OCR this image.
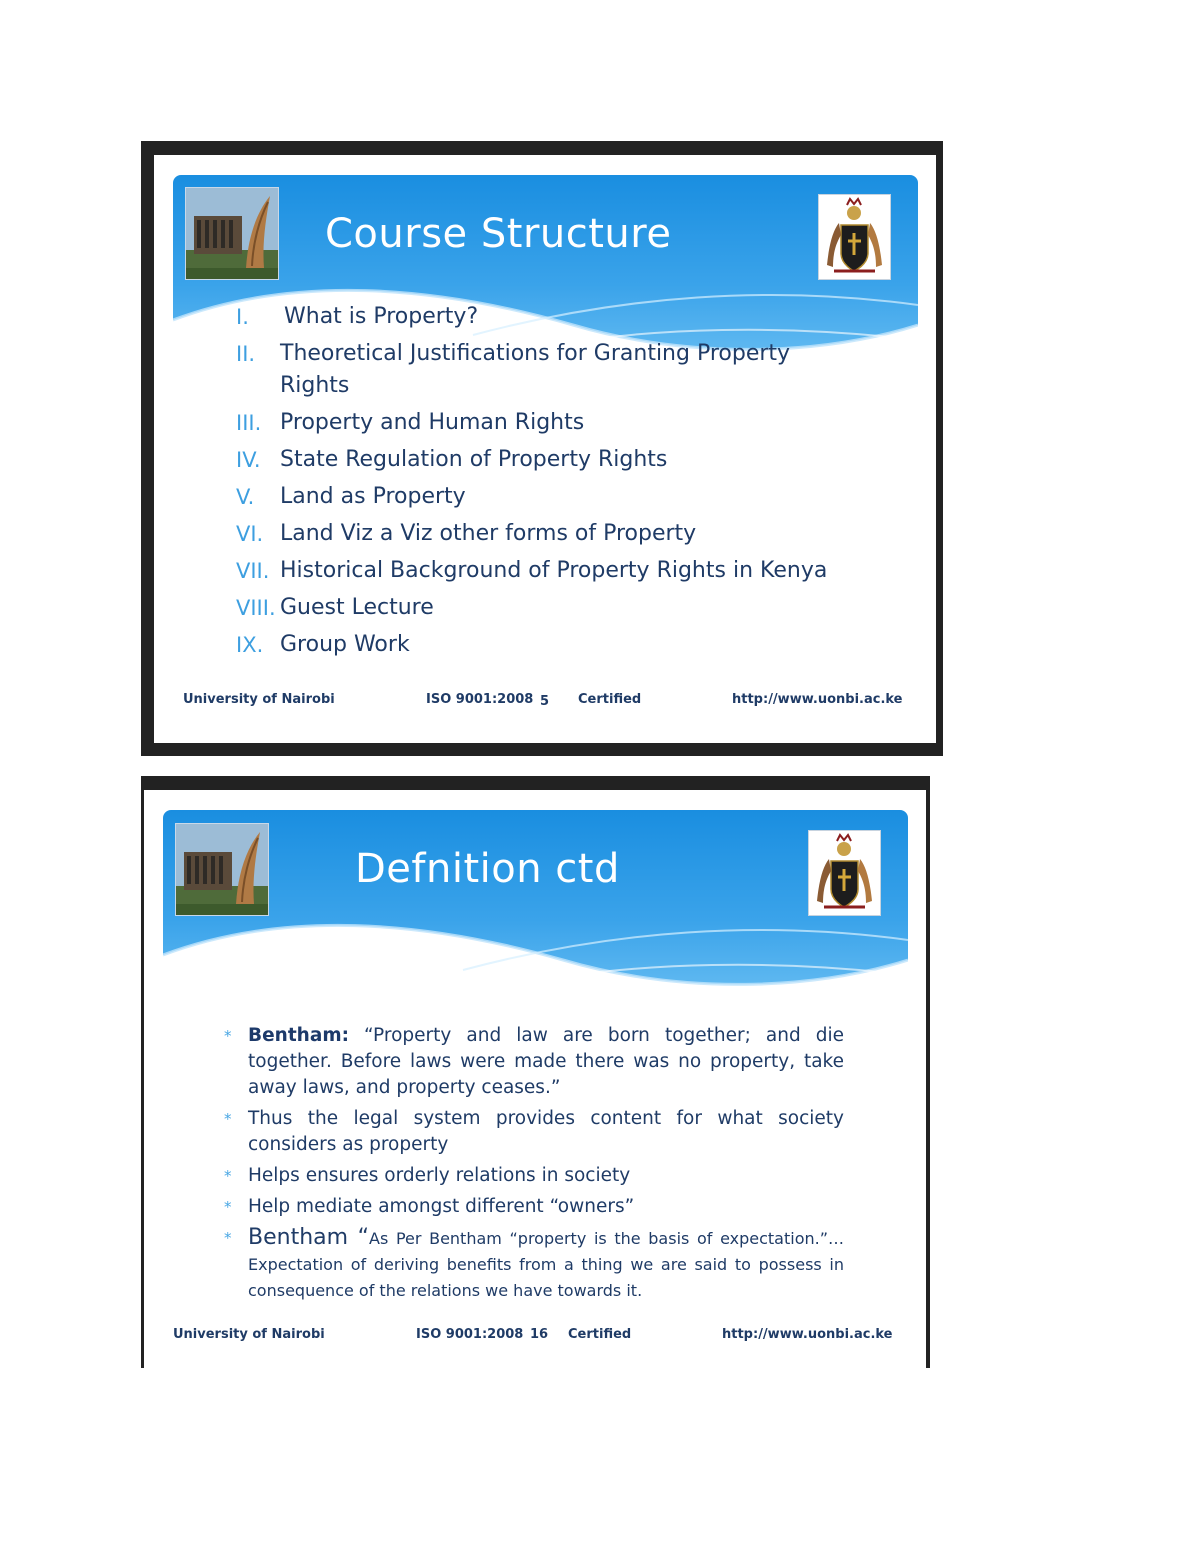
Course Structure
I. What is Property?
II. Theoretical Justifications for Granting Property Rights
III. Property and Human Rights
IV. State Regulation of Property Rights
V. Land as Property
VI. Land Viz a Viz other forms of Property
VII. Historical Background of Property Rights in Kenya
VIII. Guest Lecture
IX. Group Work
University of Nairobi	ISO 9001:2008 5 Certified	http://www.uonbi.ac.ke
Defnition ctd
* Bentham: “Property and law are born together; and die together. Before laws were made there was no property, take away laws, and property ceases.”
* Thus the legal system provides content for what society considers as property
* Helps ensures orderly relations in society
* Help mediate amongst different “owners”
* Bentham “As Per Bentham “property is the basis of expectation.”… Expectation of deriving benefits from a thing we are said to possess in consequence of the relations we have towards it.
University of Nairobi	ISO 9001:2008 16 Certified	http://www.uonbi.ac.ke
